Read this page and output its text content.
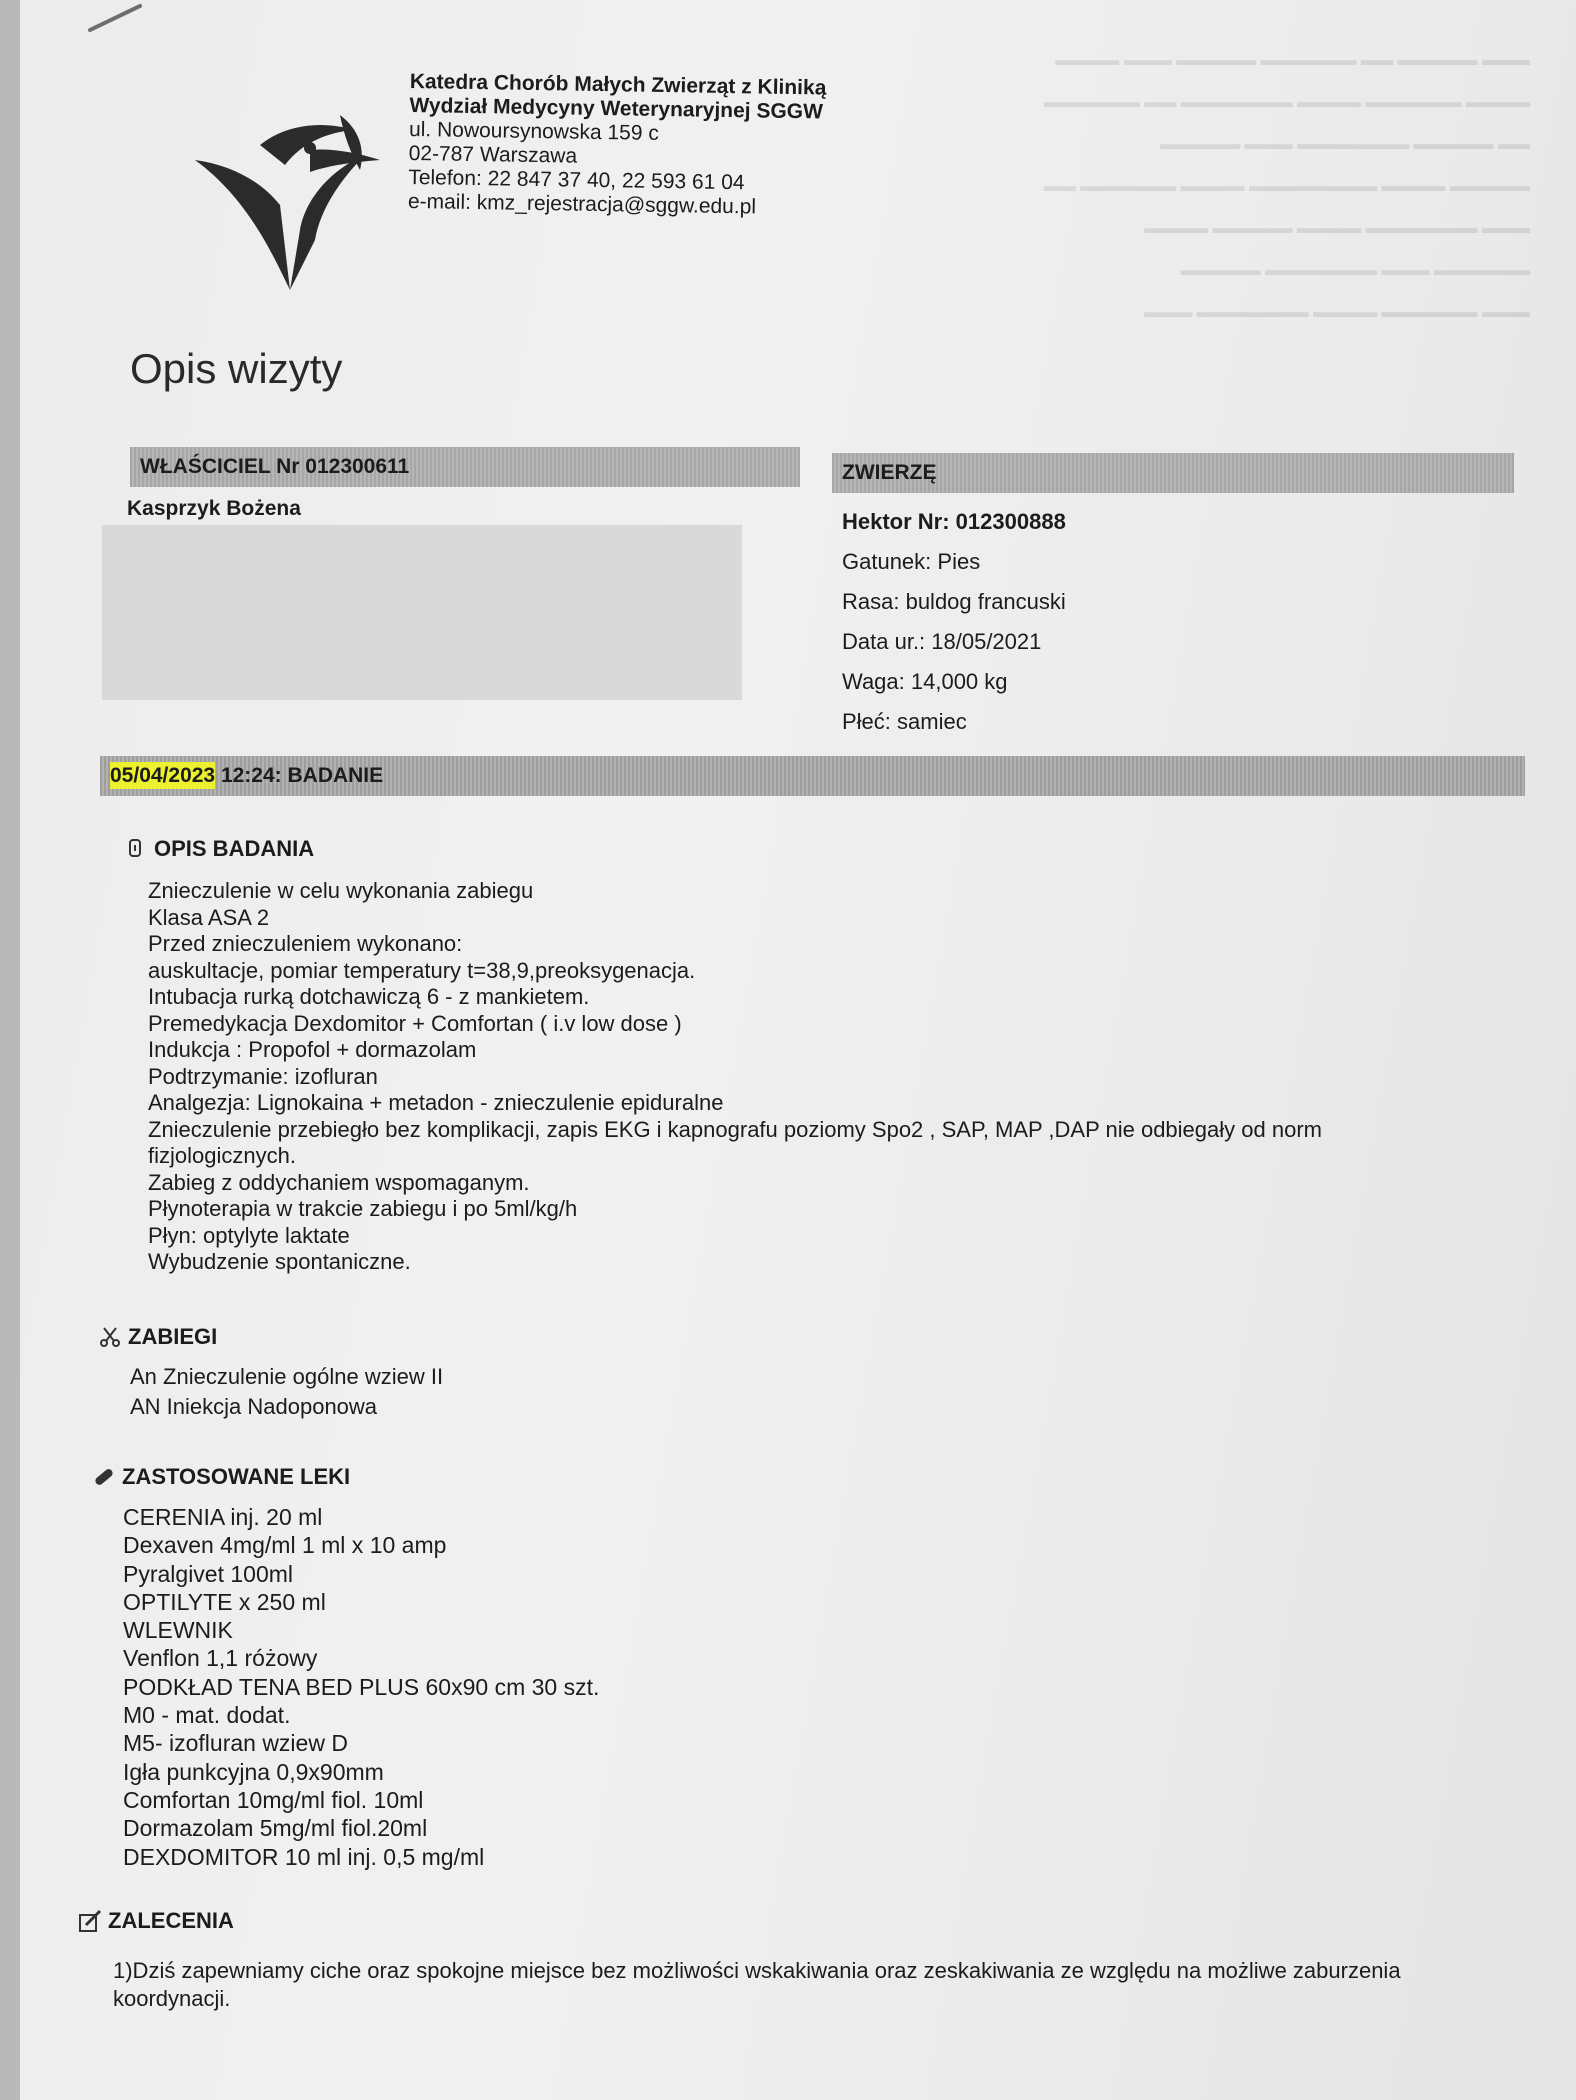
▬▬▬ ▬▬▬▬▬ ▬▬ ▬▬▬▬▬▬ ▬▬▬▬▬ ▬▬▬ ▬▬▬▬
▬▬▬▬ ▬▬▬▬▬▬ ▬▬▬▬ ▬▬▬▬▬▬▬ ▬▬ ▬▬▬▬▬▬
▬▬ ▬▬▬▬▬ ▬▬▬▬▬▬▬ ▬▬▬ ▬▬▬▬▬
▬▬▬▬▬ ▬▬▬▬ ▬▬▬▬▬▬▬▬ ▬▬▬▬ ▬▬▬▬▬▬ ▬▬
▬▬▬ ▬▬▬▬▬▬▬ ▬▬▬▬ ▬▬▬▬▬ ▬▬▬▬
▬▬▬▬▬▬ ▬▬▬ ▬▬▬▬▬▬▬ ▬▬▬▬▬
▬▬▬ ▬▬▬▬▬▬ ▬▬▬▬ ▬▬▬▬▬▬▬ ▬▬▬
Katedra Chorób Małych Zwierząt z Kliniką
Wydział Medycyny Weterynaryjnej SGGW
ul. Nowoursynowska 159 c
02-787 Warszawa
Telefon: 22 847 37 40, 22 593 61 04
e-mail: kmz_rejestracja@sggw.edu.pl
Opis wizyty
WŁAŚCICIEL Nr 012300611
Kasprzyk Bożena
ZWIERZĘ
Hektor Nr: 012300888
Gatunek: Pies
Rasa: buldog francuski
Data ur.: 18/05/2021
Waga: 14,000 kg
Płeć: samiec
05/04/2023 12:24: BADANIE
OPIS BADANIA
Znieczulenie w celu wykonania zabiegu
Klasa ASA 2
Przed znieczuleniem wykonano:
auskultacje, pomiar temperatury t=38,9,preoksygenacja.
Intubacja rurką dotchawiczą 6 - z mankietem.
Premedykacja Dexdomitor + Comfortan ( i.v low dose )
Indukcja : Propofol + dormazolam
Podtrzymanie: izofluran
Analgezja: Lignokaina + metadon - znieczulenie epiduralne
Znieczulenie przebiegło bez komplikacji, zapis EKG i kapnografu poziomy Spo2 , SAP, MAP ,DAP nie odbiegały od norm
fizjologicznych.
Zabieg z oddychaniem wspomaganym.
Płynoterapia w trakcie zabiegu i po 5ml/kg/h
Płyn: optylyte laktate
Wybudzenie spontaniczne.
ZABIEGI
An Znieczulenie ogólne wziew II
AN Iniekcja Nadoponowa
ZASTOSOWANE LEKI
CERENIA inj. 20 ml
Dexaven 4mg/ml 1 ml x 10 amp
Pyralgivet 100ml
OPTILYTE x 250 ml
WLEWNIK
Venflon 1,1 różowy
PODKŁAD TENA BED PLUS 60x90 cm 30 szt.
M0 - mat. dodat.
M5- izofluran wziew D
Igła punkcyjna 0,9x90mm
Comfortan 10mg/ml fiol. 10ml
Dormazolam 5mg/ml fiol.20ml
DEXDOMITOR 10 ml inj. 0,5 mg/ml
ZALECENIA
1)Dziś zapewniamy ciche oraz spokojne miejsce bez możliwości wskakiwania oraz zeskakiwania ze względu na możliwe zaburzenia koordynacji.
